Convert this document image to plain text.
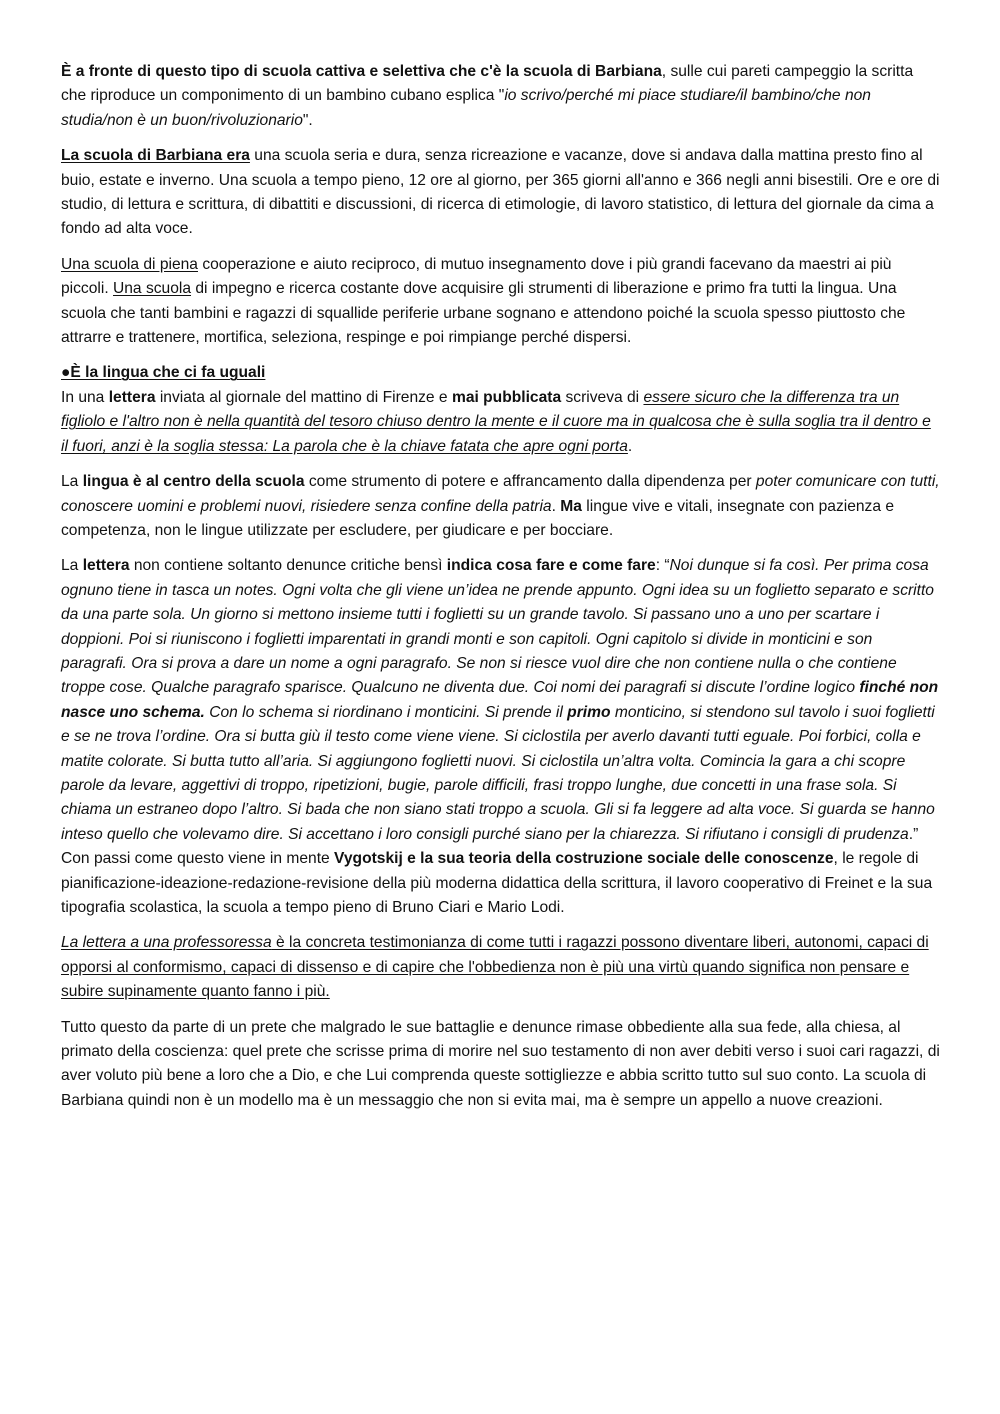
È a fronte di questo tipo di scuola cattiva e selettiva che c'è la scuola di Barbiana, sulle cui pareti campeggio la scritta che riproduce un componimento di un bambino cubano esplica "io scrivo/perché mi piace studiare/il bambino/che non studia/non è un buon/rivoluzionario".

La scuola di Barbiana era una scuola seria e dura, senza ricreazione e vacanze, dove si andava dalla mattina presto fino al buio, estate e inverno. Una scuola a tempo pieno, 12 ore al giorno, per 365 giorni all'anno e 366 negli anni bisestili. Ore e ore di studio, di lettura e scrittura, di dibattiti e discussioni, di ricerca di etimologie, di lavoro statistico, di lettura del giornale da cima a fondo ad alta voce.

Una scuola di piena cooperazione e aiuto reciproco, di mutuo insegnamento dove i più grandi facevano da maestri ai più piccoli. Una scuola di impegno e ricerca costante dove acquisire gli strumenti di liberazione e primo fra tutti la lingua. Una scuola che tanti bambini e ragazzi di squallide periferie urbane sognano e attendono poiché la scuola spesso piuttosto che attrarre e trattenere, mortifica, seleziona, respinge e poi rimpiange perché dispersi.

●È la lingua che ci fa uguali

In una lettera inviata al giornale del mattino di Firenze e mai pubblicata scriveva di essere sicuro che la differenza tra un figliolo e l'altro non è nella quantità del tesoro chiuso dentro la mente e il cuore ma in qualcosa che è sulla soglia tra il dentro e il fuori, anzi è la soglia stessa: La parola che è la chiave fatata che apre ogni porta.

La lingua è al centro della scuola come strumento di potere e affrancamento dalla dipendenza per poter comunicare con tutti, conoscere uomini e problemi nuovi, risiedere senza confine della patria. Ma lingue vive e vitali, insegnate con pazienza e competenza, non le lingue utilizzate per escludere, per giudicare e per bocciare.

La lettera non contiene soltanto denunce critiche bensì indica cosa fare e come fare: “Noi dunque si fa così. Per prima cosa ognuno tiene in tasca un notes. Ogni volta che gli viene un’idea ne prende appunto. Ogni idea su un foglietto separato e scritto da una parte sola. Un giorno si mettono insieme tutti i foglietti su un grande tavolo. Si passano uno a uno per scartare i doppioni. Poi si riuniscono i foglietti imparentati in grandi monti e son capitoli. Ogni capitolo si divide in monticini e son paragrafi. Ora si prova a dare un nome a ogni paragrafo. Se non si riesce vuol dire che non contiene nulla o che contiene troppe cose. Qualche paragrafo sparisce. Qualcuno ne diventa due. Coi nomi dei paragrafi si discute l’ordine logico finché non nasce uno schema. Con lo schema si riordinano i monticini. Si prende il primo monticino, si stendono sul tavolo i suoi foglietti e se ne trova l’ordine. Ora si butta giù il testo come viene viene. Si ciclostila per averlo davanti tutti eguale. Poi forbici, colla e matite colorate. Si butta tutto all’aria. Si aggiungono foglietti nuovi. Si ciclostila un’altra volta. Comincia la gara a chi scopre parole da levare, aggettivi di troppo, ripetizioni, bugie, parole difficili, frasi troppo lunghe, due concetti in una frase sola. Si chiama un estraneo dopo l’altro. Si bada che non siano stati troppo a scuola. Gli si fa leggere ad alta voce. Si guarda se hanno inteso quello che volevamo dire. Si accettano i loro consigli purché siano per la chiarezza. Si rifiutano i consigli di prudenza.” Con passi come questo viene in mente Vygotskij e la sua teoria della costruzione sociale delle conoscenze, le regole di pianificazione-ideazione-redazione-revisione della più moderna didattica della scrittura, il lavoro cooperativo di Freinet e la sua tipografia scolastica, la scuola a tempo pieno di Bruno Ciari e Mario Lodi.

La lettera a una professoressa è la concreta testimonianza di come tutti i ragazzi possono diventare liberi, autonomi, capaci di opporsi al conformismo, capaci di dissenso e di capire che l'obbedienza non è più una virtù quando significa non pensare e subire supinamente quanto fanno i più.

Tutto questo da parte di un prete che malgrado le sue battaglie e denunce rimase obbediente alla sua fede, alla chiesa, al primato della coscienza: quel prete che scrisse prima di morire nel suo testamento di non aver debiti verso i suoi cari ragazzi, di aver voluto più bene a loro che a Dio, e che Lui comprenda queste sottigliezze e abbia scritto tutto sul suo conto. La scuola di Barbiana quindi non è un modello ma è un messaggio che non si evita mai, ma è sempre un appello a nuove creazioni.
